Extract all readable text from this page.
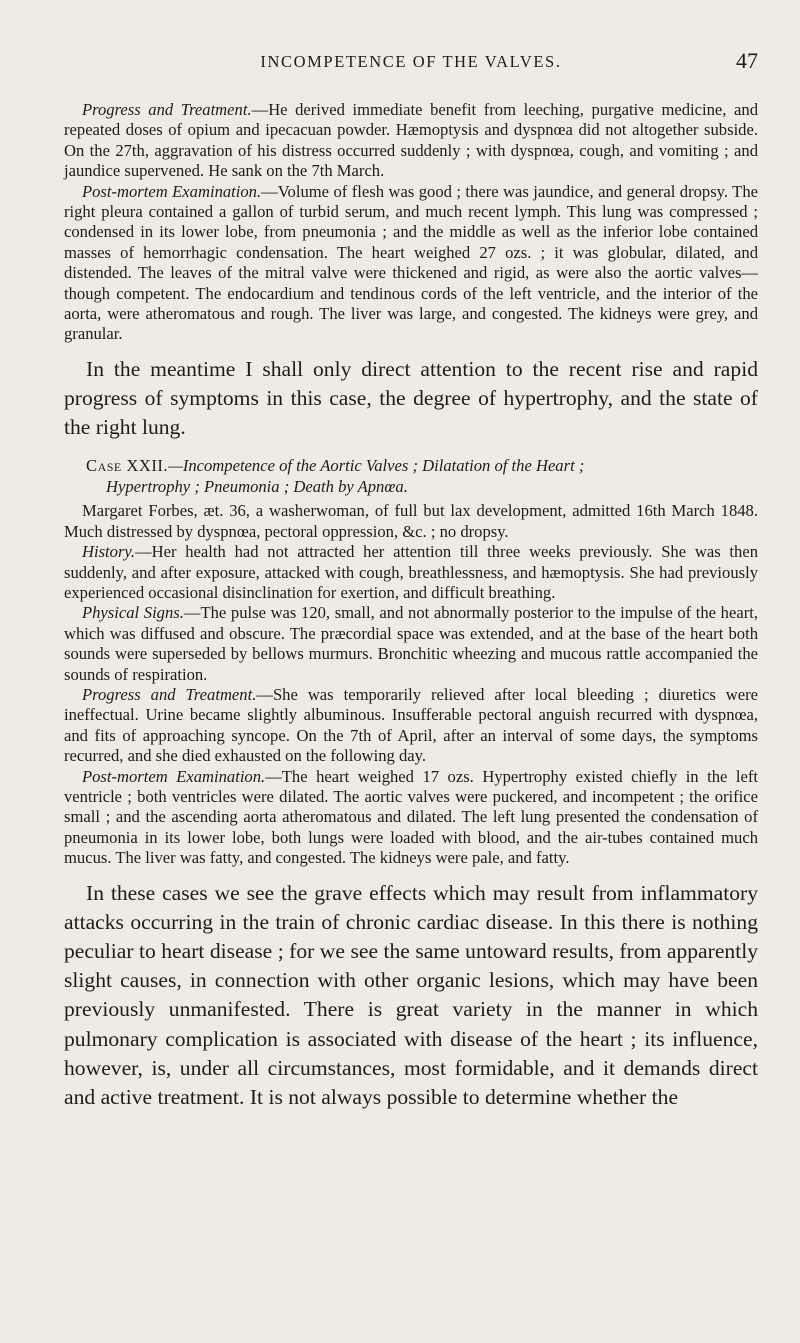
INCOMPETENCE OF THE VALVES.	47

Progress and Treatment.—He derived immediate benefit from leeching, purgative medicine, and repeated doses of opium and ipecacuan powder. Hæmoptysis and dyspnœa did not altogether subside. On the 27th, aggravation of his distress occurred suddenly ; with dyspnœa, cough, and vomiting ; and jaundice supervened. He sank on the 7th March.

Post-mortem Examination.—Volume of flesh was good ; there was jaundice, and general dropsy. The right pleura contained a gallon of turbid serum, and much recent lymph. This lung was compressed ; condensed in its lower lobe, from pneumonia ; and the middle as well as the inferior lobe contained masses of hemorrhagic condensation. The heart weighed 27 ozs. ; it was globular, dilated, and distended. The leaves of the mitral valve were thickened and rigid, as were also the aortic valves—though competent. The endocardium and tendinous cords of the left ventricle, and the interior of the aorta, were atheromatous and rough. The liver was large, and congested. The kidneys were grey, and granular.

In the meantime I shall only direct attention to the recent rise and rapid progress of symptoms in this case, the degree of hypertrophy, and the state of the right lung.

Case XXII.—Incompetence of the Aortic Valves ; Dilatation of the Heart ;
Hypertrophy ; Pneumonia ; Death by Apnœa.

Margaret Forbes, æt. 36, a washerwoman, of full but lax development, admitted 16th March 1848. Much distressed by dyspnœa, pectoral oppression, &c. ; no dropsy.

History.—Her health had not attracted her attention till three weeks previously. She was then suddenly, and after exposure, attacked with cough, breathlessness, and hæmoptysis. She had previously experienced occasional disinclination for exertion, and difficult breathing.

Physical Signs.—The pulse was 120, small, and not abnormally posterior to the impulse of the heart, which was diffused and obscure. The præcordial space was extended, and at the base of the heart both sounds were superseded by bellows murmurs. Bronchitic wheezing and mucous rattle accompanied the sounds of respiration.

Progress and Treatment.—She was temporarily relieved after local bleeding ; diuretics were ineffectual. Urine became slightly albuminous. Insufferable pectoral anguish recurred with dyspnœa, and fits of approaching syncope. On the 7th of April, after an interval of some days, the symptoms recurred, and she died exhausted on the following day.

Post-mortem Examination.—The heart weighed 17 ozs. Hypertrophy existed chiefly in the left ventricle ; both ventricles were dilated. The aortic valves were puckered, and incompetent ; the orifice small ; and the ascending aorta atheromatous and dilated. The left lung presented the condensation of pneumonia in its lower lobe, both lungs were loaded with blood, and the air-tubes contained much mucus. The liver was fatty, and congested. The kidneys were pale, and fatty.

In these cases we see the grave effects which may result from inflammatory attacks occurring in the train of chronic cardiac disease. In this there is nothing peculiar to heart disease ; for we see the same untoward results, from apparently slight causes, in connection with other organic lesions, which may have been previously unmanifested. There is great variety in the manner in which pulmonary complication is associated with disease of the heart ; its influence, however, is, under all circumstances, most formidable, and it demands direct and active treatment. It is not always possible to determine whether the
